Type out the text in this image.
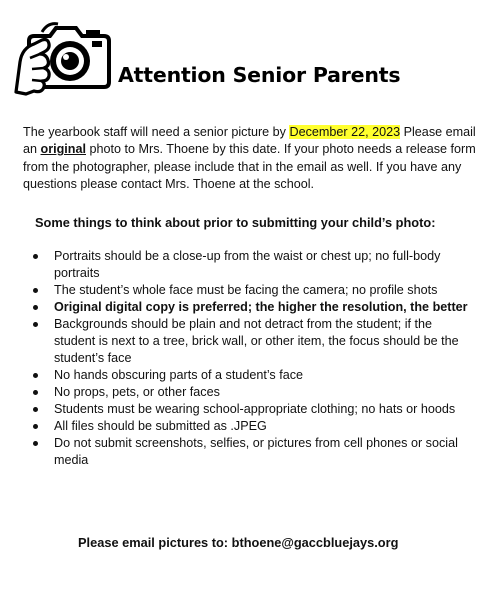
Attention Senior Parents
The yearbook staff will need a senior picture by December 22, 2023 Please email an original photo to Mrs. Thoene by this date. If your photo needs a release form from the photographer, please include that in the email as well. If you have any questions please contact Mrs. Thoene at the school.
Some things to think about prior to submitting your child’s photo:
Portraits should be a close-up from the waist or chest up; no full-body portraits
The student’s whole face must be facing the camera; no profile shots
Original digital copy is preferred; the higher the resolution, the better
Backgrounds should be plain and not detract from the student; if the student is next to a tree, brick wall, or other item, the focus should be the student’s face
No hands obscuring parts of a student’s face
No props, pets, or other faces
Students must be wearing school-appropriate clothing; no hats or hoods
All files should be submitted as .JPEG
Do not submit screenshots, selfies, or pictures from cell phones or social media
Please email pictures to: bthoene@gaccbluejays.org
